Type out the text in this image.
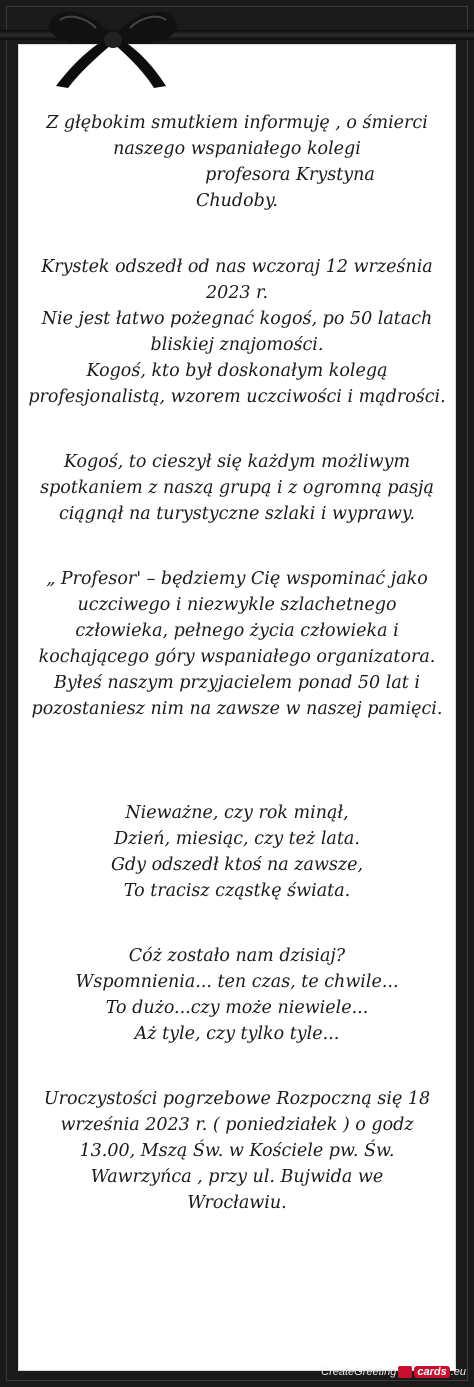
Z głębokim smutkiem informuję , o śmierci
naszego wspaniałego kolegi
profesora Krystyna
Chudoby.
Krystek odszedł od nas wczoraj 12 września
2023 r.
Nie jest łatwo pożegnać kogoś, po 50 latach
bliskiej znajomości.
Kogoś, kto był doskonałym kolegą
profesjonalistą, wzorem uczciwości i mądrości.
Kogoś, to cieszył się każdym możliwym
spotkaniem z naszą grupą i z ogromną pasją
ciągnął na turystyczne szlaki i wyprawy.
„ Profesor' – będziemy Cię wspominać jako
uczciwego i niezwykle szlachetnego
człowieka, pełnego życia człowieka i
kochającego góry wspaniałego organizatora.
Byłeś naszym przyjacielem ponad 50 lat i
pozostaniesz nim na zawsze w naszej pamięci.
Nieważne, czy rok minął,
Dzień, miesiąc, czy też lata.
Gdy odszedł ktoś na zawsze,
To tracisz cząstkę świata.
Cóż zostało nam dzisiaj?
Wspomnienia... ten czas, te chwile...
To dużo...czy może niewiele...
Aż tyle, czy tylko tyle...
Uroczystości pogrzebowe Rozpoczną się 18
września 2023 r. ( poniedziałek ) o godz
13.00, Mszą Św. w Kościele pw. Św.
Wawrzyńca , przy ul. Bujwida we
Wrocławiu.
CreateGreeting cards .eu
